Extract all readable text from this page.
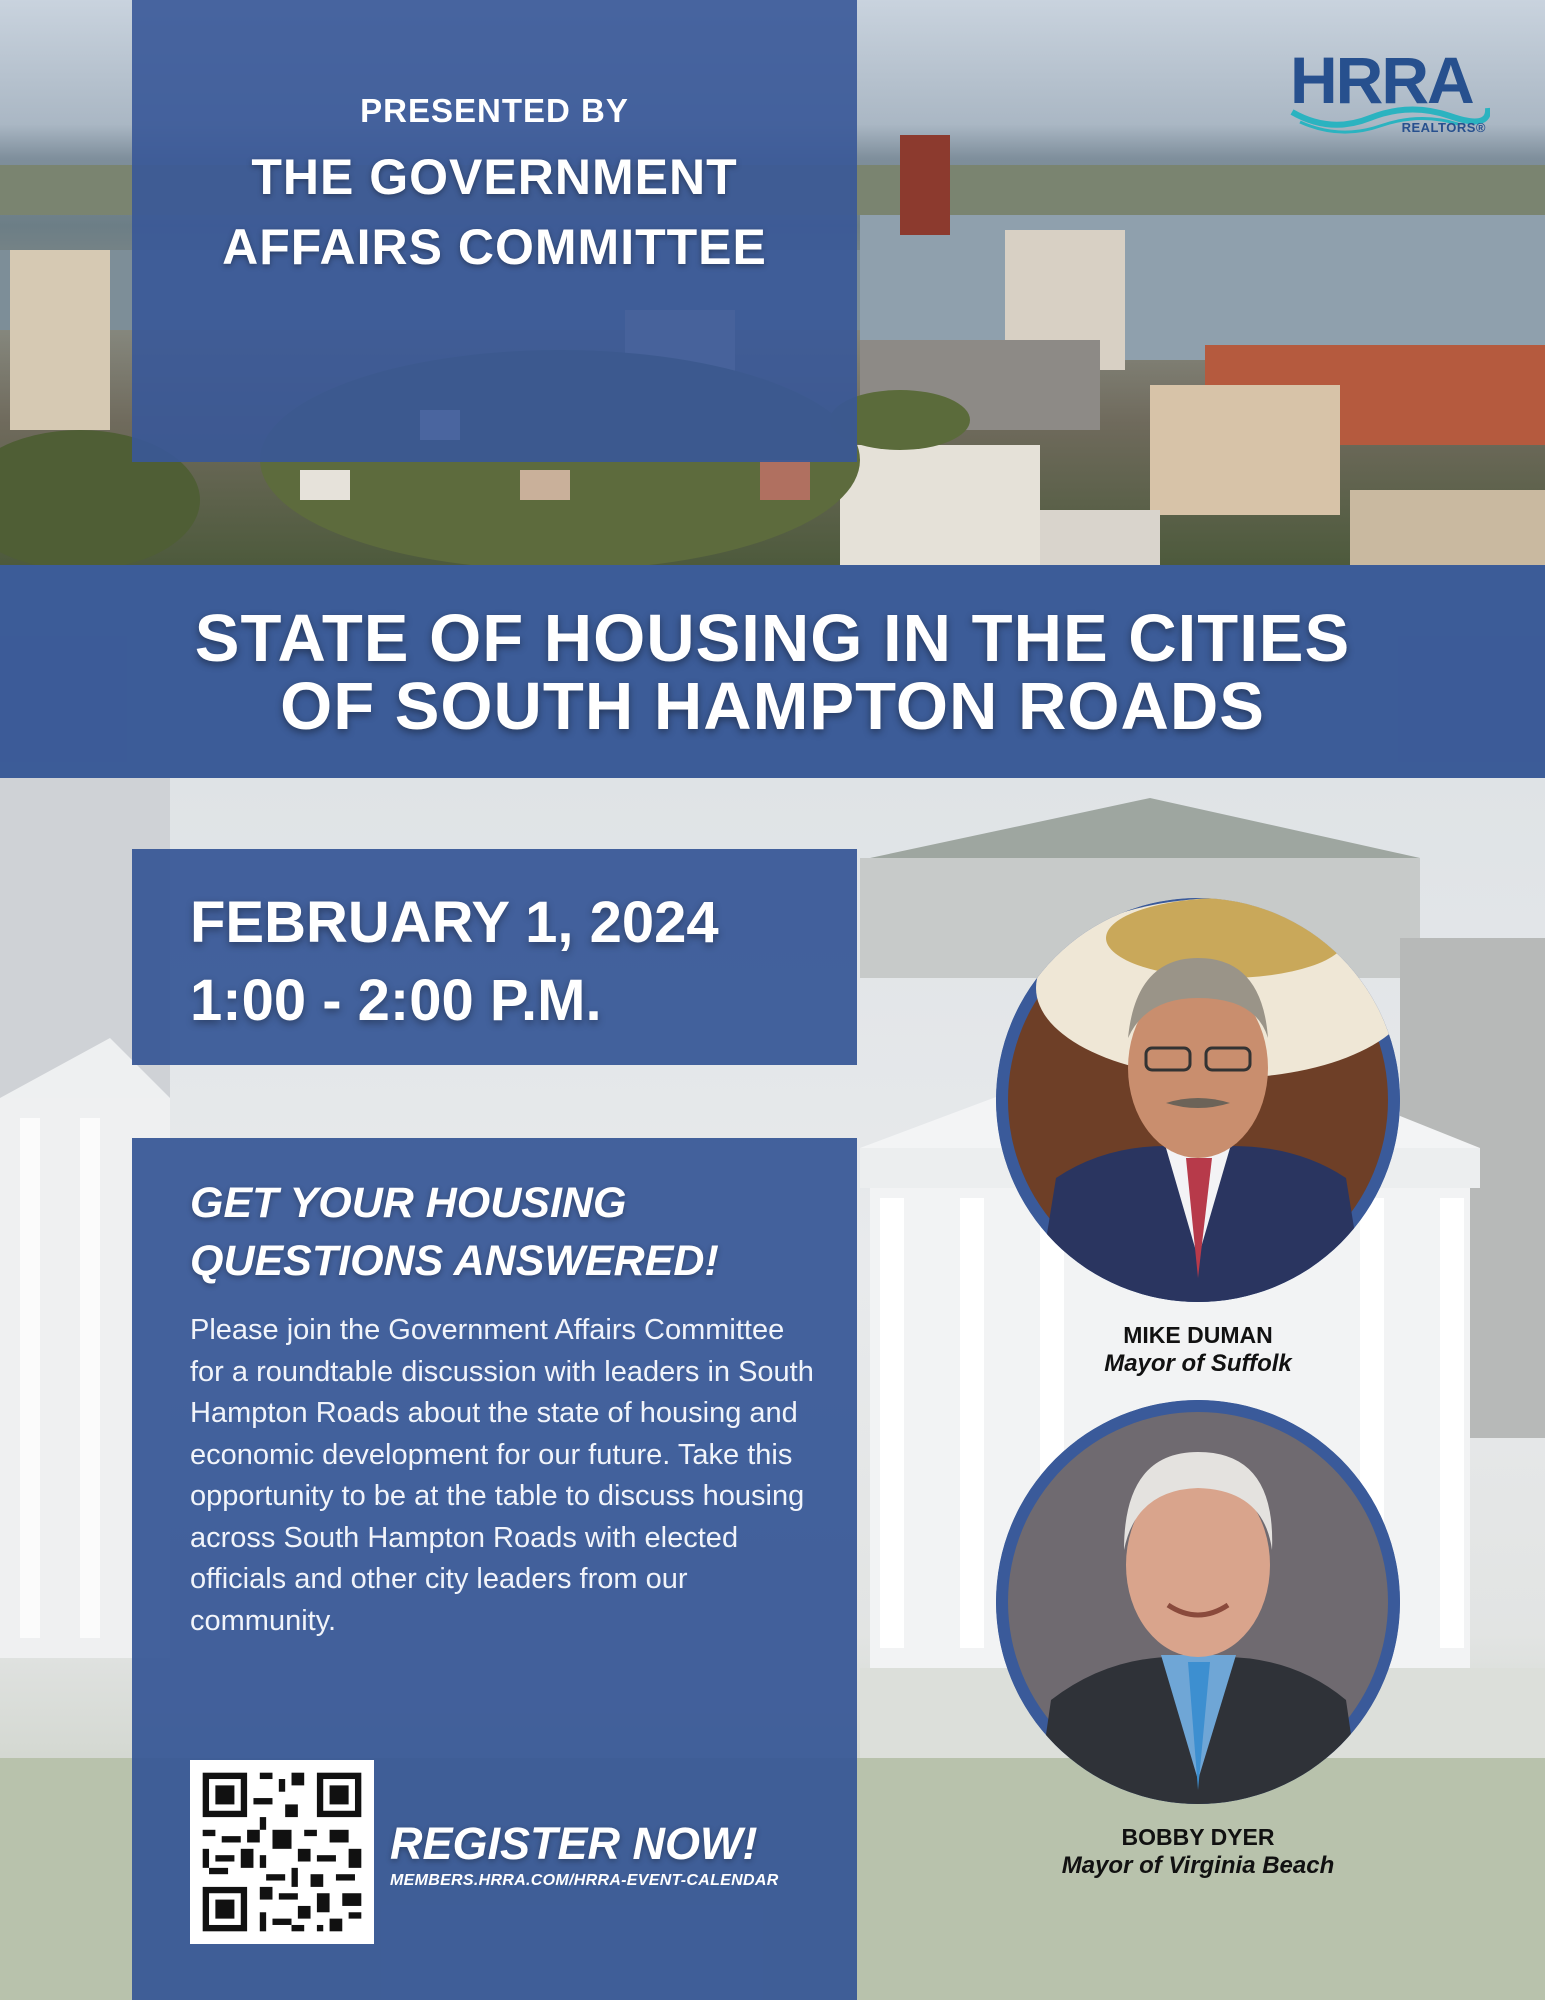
PRESENTED BY
THE GOVERNMENT
AFFAIRS COMMITTEE
HRRA
REALTORS®
STATE OF HOUSING IN THE CITIES
OF SOUTH HAMPTON ROADS
FEBRUARY 1, 2024
1:00 - 2:00 P.M.
GET YOUR HOUSING
QUESTIONS ANSWERED!
Please join the Government Affairs Committee for a roundtable discussion with leaders in South Hampton Roads about the state of housing and economic development for our future. Take this opportunity to be at the table to discuss housing across South Hampton Roads with elected officials and other city leaders from our community.
REGISTER NOW!
MEMBERS.HRRA.COM/HRRA-EVENT-CALENDAR
MIKE DUMAN
Mayor of Suffolk
BOBBY DYER
Mayor of Virginia Beach
